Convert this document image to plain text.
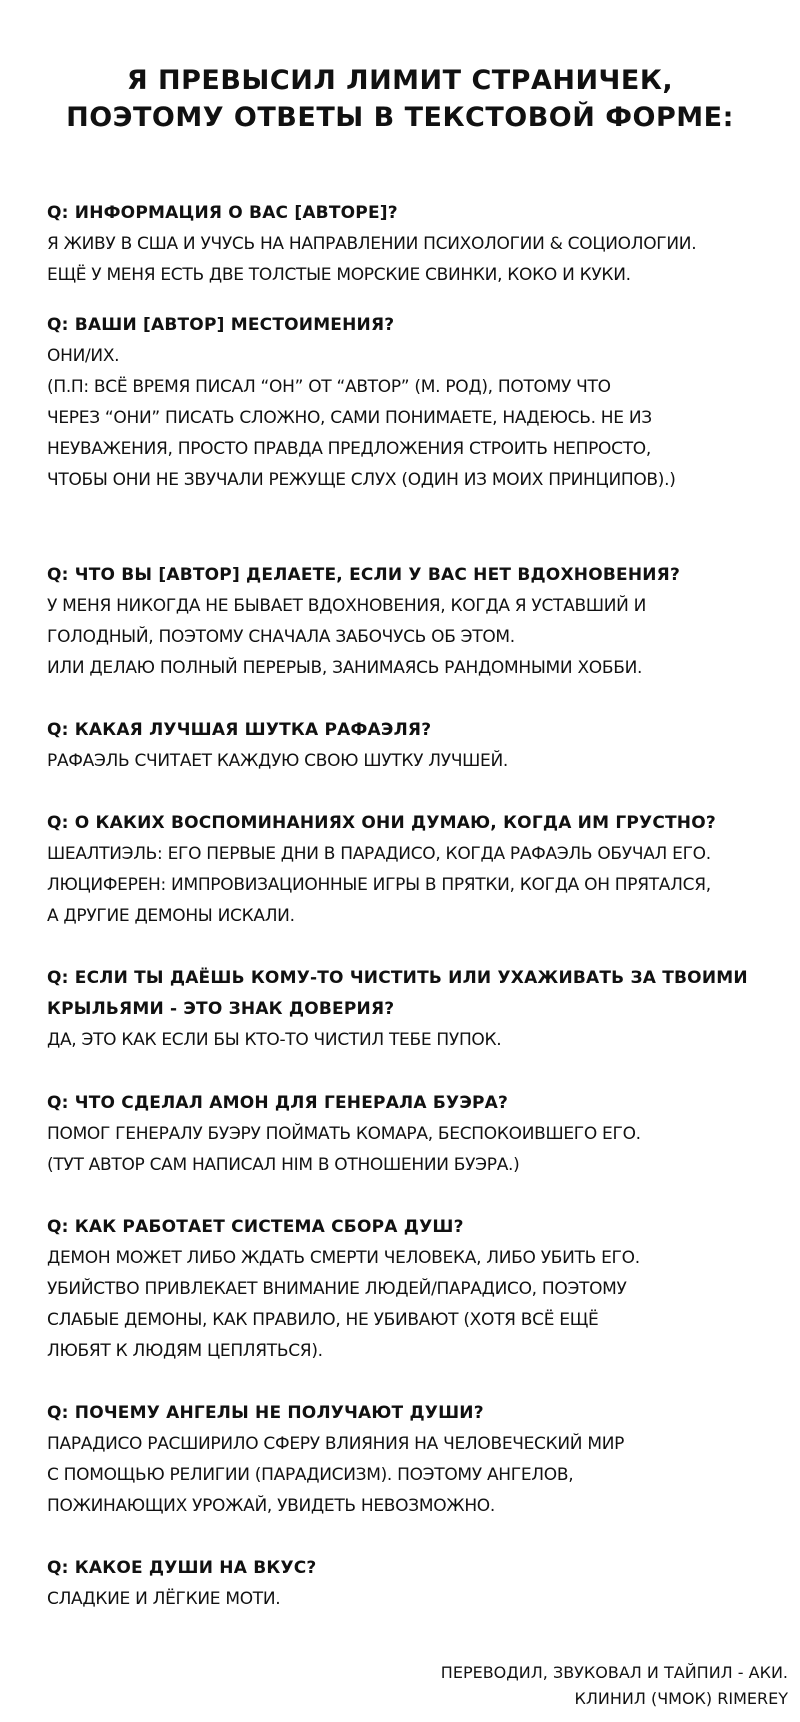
Я ПРЕВЫСИЛ ЛИМИТ СТРАНИЧЕК,
ПОЭТОМУ ОТВЕТЫ В ТЕКСТОВОЙ ФОРМЕ:
Q: ИНФОРМАЦИЯ О ВАС [АВТОРЕ]?
Я ЖИВУ В США И УЧУСЬ НА НАПРАВЛЕНИИ ПСИХОЛОГИИ & СОЦИОЛОГИИ.
ЕЩЁ У МЕНЯ ЕСТЬ ДВЕ ТОЛСТЫЕ МОРСКИЕ СВИНКИ, КОКО И КУКИ.
Q: ВАШИ [АВТОР] МЕСТОИМЕНИЯ?
ОНИ/ИХ.
(П.П: ВСЁ ВРЕМЯ ПИСАЛ “ОН” ОТ “АВТОР” (М. РОД), ПОТОМУ ЧТО
ЧЕРЕЗ “ОНИ” ПИСАТЬ СЛОЖНО, САМИ ПОНИМАЕТЕ, НАДЕЮСЬ. НЕ ИЗ
НЕУВАЖЕНИЯ, ПРОСТО ПРАВДА ПРЕДЛОЖЕНИЯ СТРОИТЬ НЕПРОСТО,
ЧТОБЫ ОНИ НЕ ЗВУЧАЛИ РЕЖУЩЕ СЛУХ (ОДИН ИЗ МОИХ ПРИНЦИПОВ).)
Q: ЧТО ВЫ [АВТОР] ДЕЛАЕТЕ, ЕСЛИ У ВАС НЕТ ВДОХНОВЕНИЯ?
У МЕНЯ НИКОГДА НЕ БЫВАЕТ ВДОХНОВЕНИЯ, КОГДА Я УСТАВШИЙ И
ГОЛОДНЫЙ, ПОЭТОМУ СНАЧАЛА ЗАБОЧУСЬ ОБ ЭТОМ.
ИЛИ ДЕЛАЮ ПОЛНЫЙ ПЕРЕРЫВ, ЗАНИМАЯСЬ РАНДОМНЫМИ ХОББИ.
Q: КАКАЯ ЛУЧШАЯ ШУТКА РАФАЭЛЯ?
РАФАЭЛЬ СЧИТАЕТ КАЖДУЮ СВОЮ ШУТКУ ЛУЧШЕЙ.
Q: О КАКИХ ВОСПОМИНАНИЯХ ОНИ ДУМАЮ, КОГДА ИМ ГРУСТНО?
ШЕАЛТИЭЛЬ: ЕГО ПЕРВЫЕ ДНИ В ПАРАДИСО, КОГДА РАФАЭЛЬ ОБУЧАЛ ЕГО.
ЛЮЦИФЕРЕН: ИМПРОВИЗАЦИОННЫЕ ИГРЫ В ПРЯТКИ, КОГДА ОН ПРЯТАЛСЯ,
А ДРУГИЕ ДЕМОНЫ ИСКАЛИ.
Q: ЕСЛИ ТЫ ДАЁШЬ КОМУ-ТО ЧИСТИТЬ ИЛИ УХАЖИВАТЬ ЗА ТВОИМИ
КРЫЛЬЯМИ - ЭТО ЗНАК ДОВЕРИЯ?
ДА, ЭТО КАК ЕСЛИ БЫ КТО-ТО ЧИСТИЛ ТЕБЕ ПУПОК.
Q: ЧТО СДЕЛАЛ АМОН ДЛЯ ГЕНЕРАЛА БУЭРА?
ПОМОГ ГЕНЕРАЛУ БУЭРУ ПОЙМАТЬ КОМАРА, БЕСПОКОИВШЕГО ЕГО.
(ТУТ АВТОР САМ НАПИСАЛ HIM В ОТНОШЕНИИ БУЭРА.)
Q: КАК РАБОТАЕТ СИСТЕМА СБОРА ДУШ?
ДЕМОН МОЖЕТ ЛИБО ЖДАТЬ СМЕРТИ ЧЕЛОВЕКА, ЛИБО УБИТЬ ЕГО.
УБИЙСТВО ПРИВЛЕКАЕТ ВНИМАНИЕ ЛЮДЕЙ/ПАРАДИСО, ПОЭТОМУ
СЛАБЫЕ ДЕМОНЫ, КАК ПРАВИЛО, НЕ УБИВАЮТ (ХОТЯ ВСЁ ЕЩЁ
ЛЮБЯТ К ЛЮДЯМ ЦЕПЛЯТЬСЯ).
Q: ПОЧЕМУ АНГЕЛЫ НЕ ПОЛУЧАЮТ ДУШИ?
ПАРАДИСО РАСШИРИЛО СФЕРУ ВЛИЯНИЯ НА ЧЕЛОВЕЧЕСКИЙ МИР
С ПОМОЩЬЮ РЕЛИГИИ (ПАРАДИСИЗМ). ПОЭТОМУ АНГЕЛОВ,
ПОЖИНАЮЩИХ УРОЖАЙ, УВИДЕТЬ НЕВОЗМОЖНО.
Q: КАКОЕ ДУШИ НА ВКУС?
СЛАДКИЕ И ЛЁГКИЕ МОТИ.
ПЕРЕВОДИЛ, ЗВУКОВАЛ И ТАЙПИЛ - АКИ.
КЛИНИЛ (ЧМОК) RIMEREY
